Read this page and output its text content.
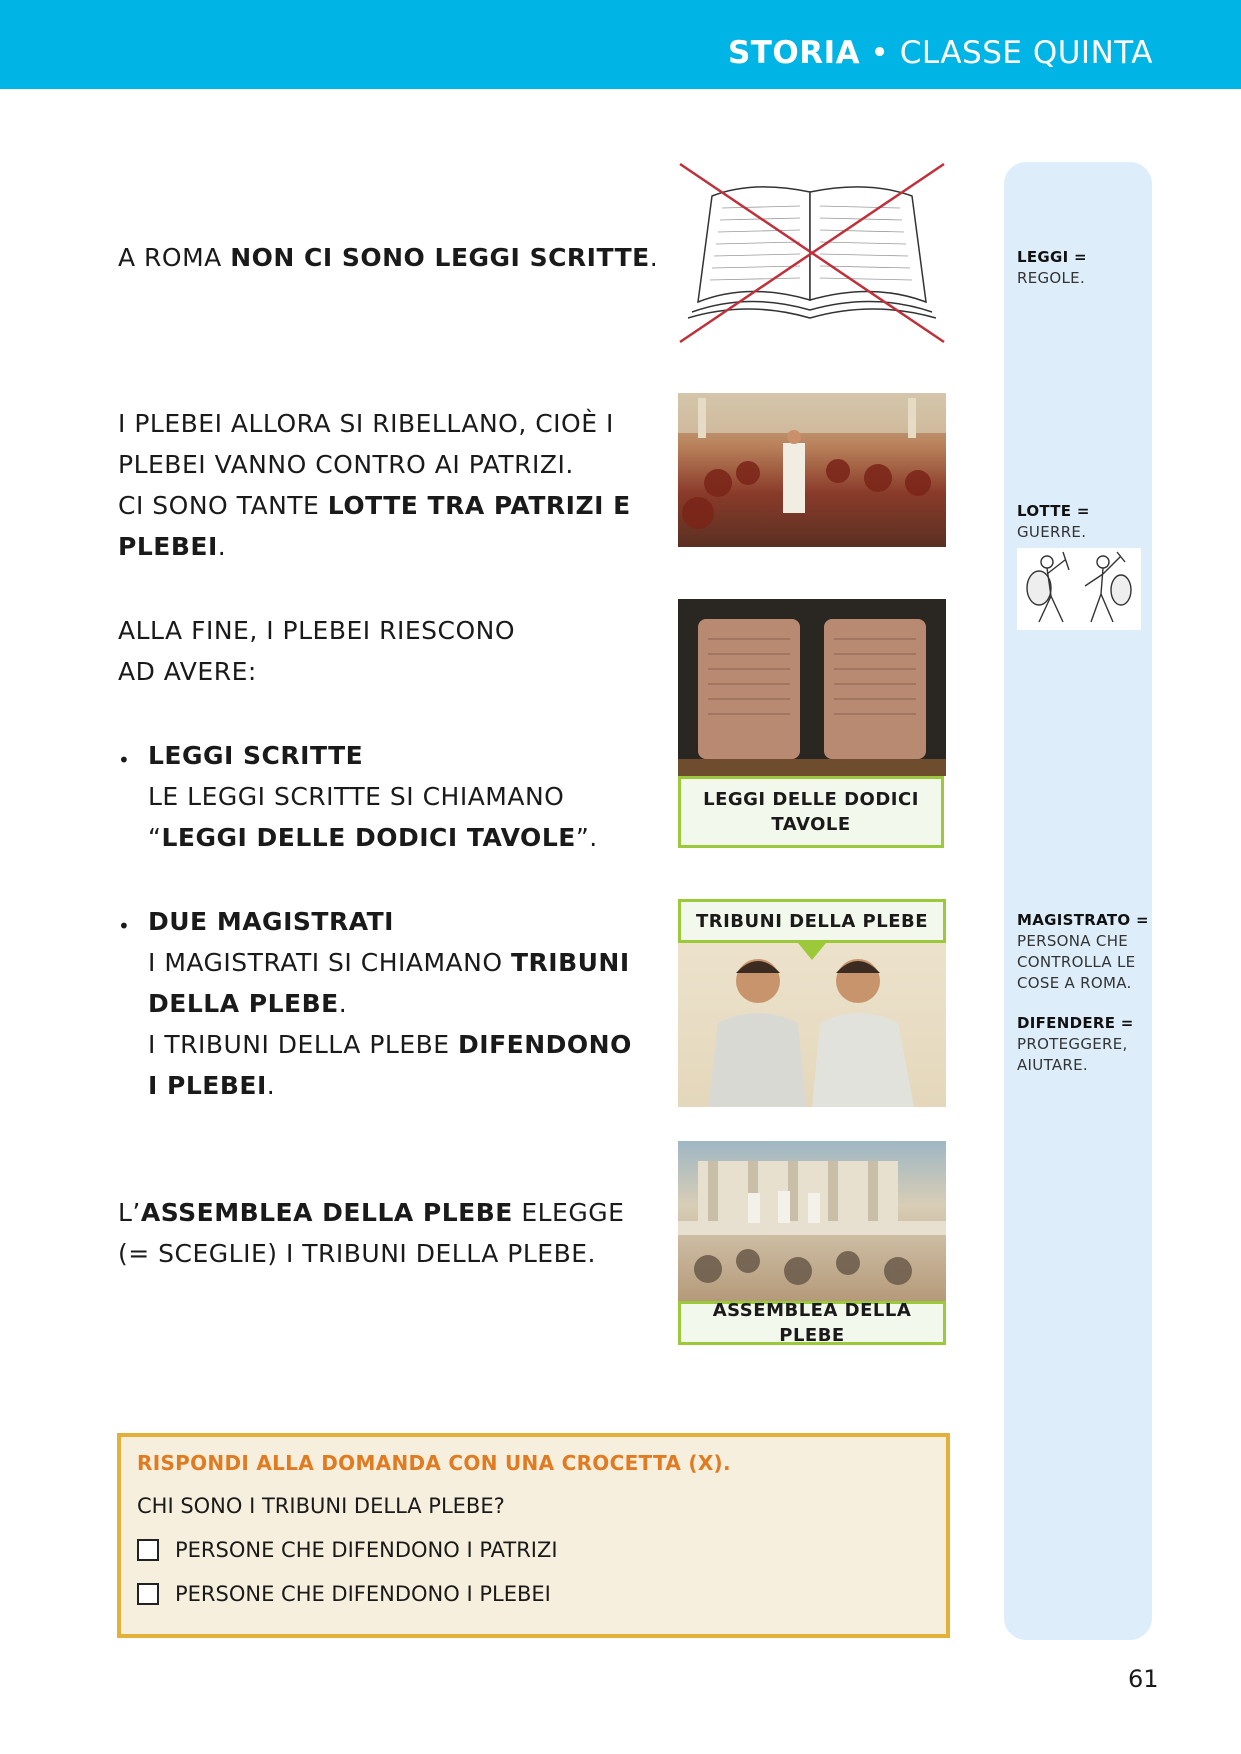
STORIA • CLASSE QUINTA
LEGGI =
REGOLE.
LOTTE =
GUERRE.
MAGISTRATO =
PERSONA CHE
CONTROLLA LE
COSE A ROMA.
DIFENDERE =
PROTEGGERE,
AIUTARE.
A ROMA NON CI SONO LEGGI SCRITTE.
I PLEBEI ALLORA SI RIBELLANO, CIOÈ I
PLEBEI VANNO CONTRO AI PATRIZI.
CI SONO TANTE LOTTE TRA PATRIZI E
PLEBEI.
ALLA FINE, I PLEBEI RIESCONO
AD AVERE:
• LEGGI SCRITTE
LE LEGGI SCRITTE SI CHIAMANO
“LEGGI DELLE DODICI TAVOLE”.
• DUE MAGISTRATI
I MAGISTRATI SI CHIAMANO TRIBUNI
DELLA PLEBE.
I TRIBUNI DELLA PLEBE DIFENDONO
I PLEBEI.
L’ASSEMBLEA DELLA PLEBE ELEGGE
(= SCEGLIE) I TRIBUNI DELLA PLEBE.
LEGGI DELLE DODICI TAVOLE
TRIBUNI DELLA PLEBE
ASSEMBLEA DELLA PLEBE
RISPONDI ALLA DOMANDA CON UNA CROCETTA (X).
CHI SONO I TRIBUNI DELLA PLEBE?
PERSONE CHE DIFENDONO I PATRIZI
PERSONE CHE DIFENDONO I PLEBEI
61
